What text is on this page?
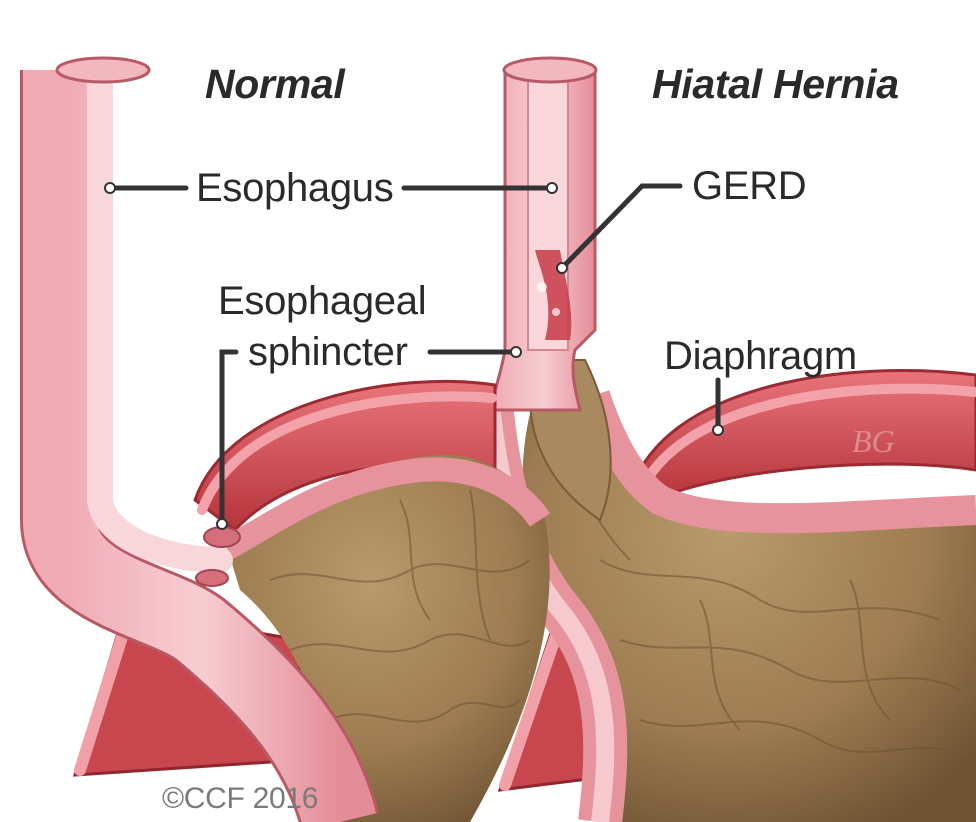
BG

Normal	Hiatal Hernia

Esophagus	GERD

Esophageal

sphincter	Diaphragm

©CCF 2016
